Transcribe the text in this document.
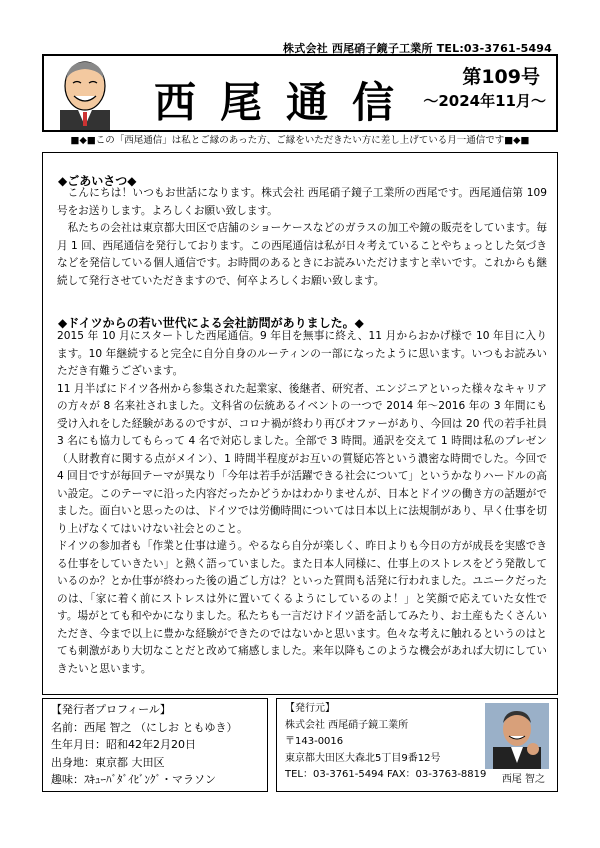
株式会社 西尾硝子鏡子工業所 TEL:03-3761-5494
西尾通信
第109号
～2024年11月～
■◆■この「西尾通信」は私とご縁のあった方、ご縁をいただきたい方に差し上げている月一通信です■◆■
◆ごあいさつ◆

こんにちは！いつもお世話になります。株式会社 西尾硝子鏡子工業所の西尾です。西尾通信第 109 号をお送りします。よろしくお願い致します。

私たちの会社は東京都大田区で店舗のショーケースなどのガラスの加工や鏡の販売をしています。毎月 1 回、西尾通信を発行しております。この西尾通信は私が日々考えていることやちょっとした気づきなどを発信している個人通信です。お時間のあるときにお読みいただけますと幸いです。これからも継続して発行させていただきますので、何卒よろしくお願い致します。

◆ドイツからの若い世代による会社訪問がありました。◆

2015 年 10 月にスタートした西尾通信。9 年目を無事に終え、11 月からおかげ様で 10 年目に入ります。10 年継続すると完全に自分自身のルーティンの一部になったように思います。いつもお読みいただき有難うございます。

11 月半ばにドイツ各州から参集された起業家、後継者、研究者、エンジニアといった様々なキャリアの方々が 8 名来社されました。文科省の伝統あるイベントの一つで 2014 年～2016 年の 3 年間にも受け入れをした経験があるのですが、コロナ禍が終わり再びオファーがあり、今回は 20 代の若手社員 3 名にも協力してもらって 4 名で対応しました。全部で 3 時間。通訳を交えて 1 時間は私のプレゼン（人財教育に関する点がメイン）、1 時間半程度がお互いの質疑応答という濃密な時間でした。今回で 4 回目ですが毎回テーマが異なり「今年は若手が活躍できる社会について」というかなりハードルの高い設定。このテーマに沿った内容だったかどうかはわかりませんが、日本とドイツの働き方の話題がでました。面白いと思ったのは、ドイツでは労働時間については日本以上に法規制があり、早く仕事を切り上げなくてはいけない社会とのこと。

ドイツの参加者も「作業と仕事は違う。やるなら自分が楽しく、昨日よりも今日の方が成長を実感できる仕事をしていきたい」と熱く語っていました。また日本人同様に、仕事上のストレスをどう発散しているのか？とか仕事が終わった後の過ごし方は？といった質問も活発に行われました。ユニークだったのは、「家に着く前にストレスは外に置いてくるようにしているのよ！」と笑顔で応えていた女性です。場がとても和やかになりました。私たちも一言だけドイツ語を話してみたり、お土産もたくさんいただき、今まで以上に豊かな経験ができたのではないかと思います。色々な考えに触れるというのはとても刺激があり大切なことだと改めて痛感しました。来年以降もこのような機会があれば大切にしていきたいと思います。

【発行者プロフィール】
名前：西尾 智之 （にしお ともゆき）
生年月日：昭和42年2月20日
出身地：東京都 大田区
趣味：ｽｷｭｰﾊﾞﾀﾞｲﾋﾞﾝｸﾞ・マラソン
【発行元】
株式会社 西尾硝子鏡工業所
〒143-0016
東京都大田区大森北5丁目9番12号
TEL：03-3761-5494 FAX：03-3763-8819 西尾 智之
